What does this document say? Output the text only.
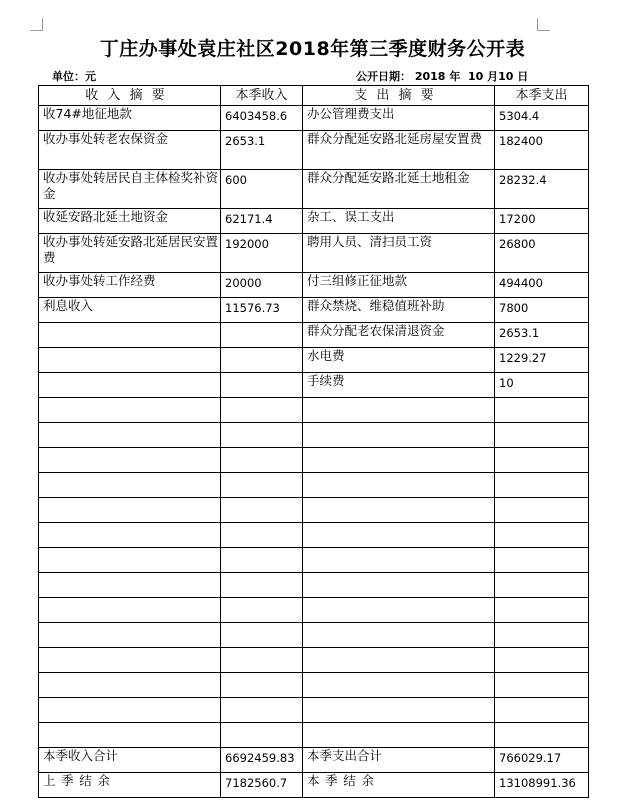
丁庄办事处袁庄社区2018年第三季度财务公开表
单位：元	公开日期： 2018 年 10 月10 日
收入摘要	本季收入	支出摘要	本季支出
收74#地征地款	6403458.6	办公管理费支出	5304.4
收办事处转老农保资金	2653.1	群众分配延安路北延房屋安置费	182400
收办事处转居民自主体检奖补资金	600	群众分配延安路北延土地租金	28232.4
收延安路北延土地资金	62171.4	杂工、误工支出	17200
收办事处转延安路北延居民安置费	192000	聘用人员、清扫员工资	26800
收办事处转工作经费	20000	付三组修正征地款	494400
利息收入	11576.73	群众禁烧、维稳值班补助	7800
		群众分配老农保清退资金	2653.1
		水电费	1229.27
		手续费	10

本季收入合计	6692459.83	本季支出合计	766029.17
上季结余	7182560.7	本季结余	13108991.36
